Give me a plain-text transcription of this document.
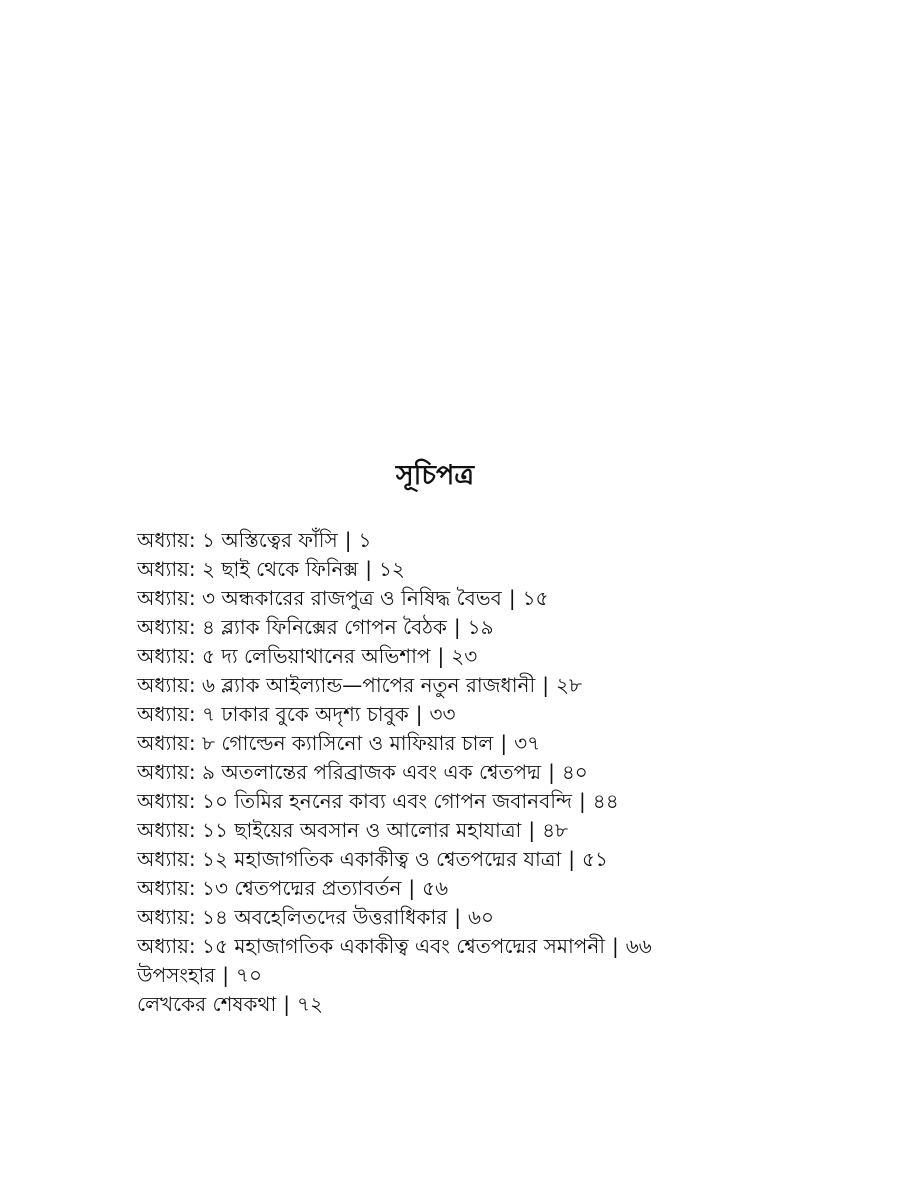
সূচিপত্র
অধ্যায়: ১ অস্তিত্বের ফাঁসি | ১
অধ্যায়: ২ ছাই থেকে ফিনিক্স | ১২
অধ্যায়: ৩ অন্ধকারের রাজপুত্র ও নিষিদ্ধ বৈভব | ১৫
অধ্যায়: ৪ ব্ল্যাক ফিনিক্সের গোপন বৈঠক | ১৯
অধ্যায়: ৫ দ্য লেভিয়াথানের অভিশাপ | ২৩
অধ্যায়: ৬ ব্ল্যাক আইল্যান্ড—পাপের নতুন রাজধানী | ২৮
অধ্যায়: ৭ ঢাকার বুকে অদৃশ্য চাবুক | ৩৩
অধ্যায়: ৮ গোল্ডেন ক্যাসিনো ও মাফিয়ার চাল | ৩৭
অধ্যায়: ৯ অতলান্তের পরিব্রাজক এবং এক শ্বেতপদ্ম | ৪০
অধ্যায়: ১০ তিমির হননের কাব্য এবং গোপন জবানবন্দি | ৪৪
অধ্যায়: ১১ ছাইয়ের অবসান ও আলোর মহাযাত্রা | ৪৮
অধ্যায়: ১২ মহাজাগতিক একাকীত্ব ও শ্বেতপদ্মের যাত্রা | ৫১
অধ্যায়: ১৩ শ্বেতপদ্মের প্রত্যাবর্তন | ৫৬
অধ্যায়: ১৪ অবহেলিতদের উত্তরাধিকার | ৬০
অধ্যায়: ১৫ মহাজাগতিক একাকীত্ব এবং শ্বেতপদ্মের সমাপনী | ৬৬
উপসংহার | ৭০
লেখকের শেষকথা | ৭২
